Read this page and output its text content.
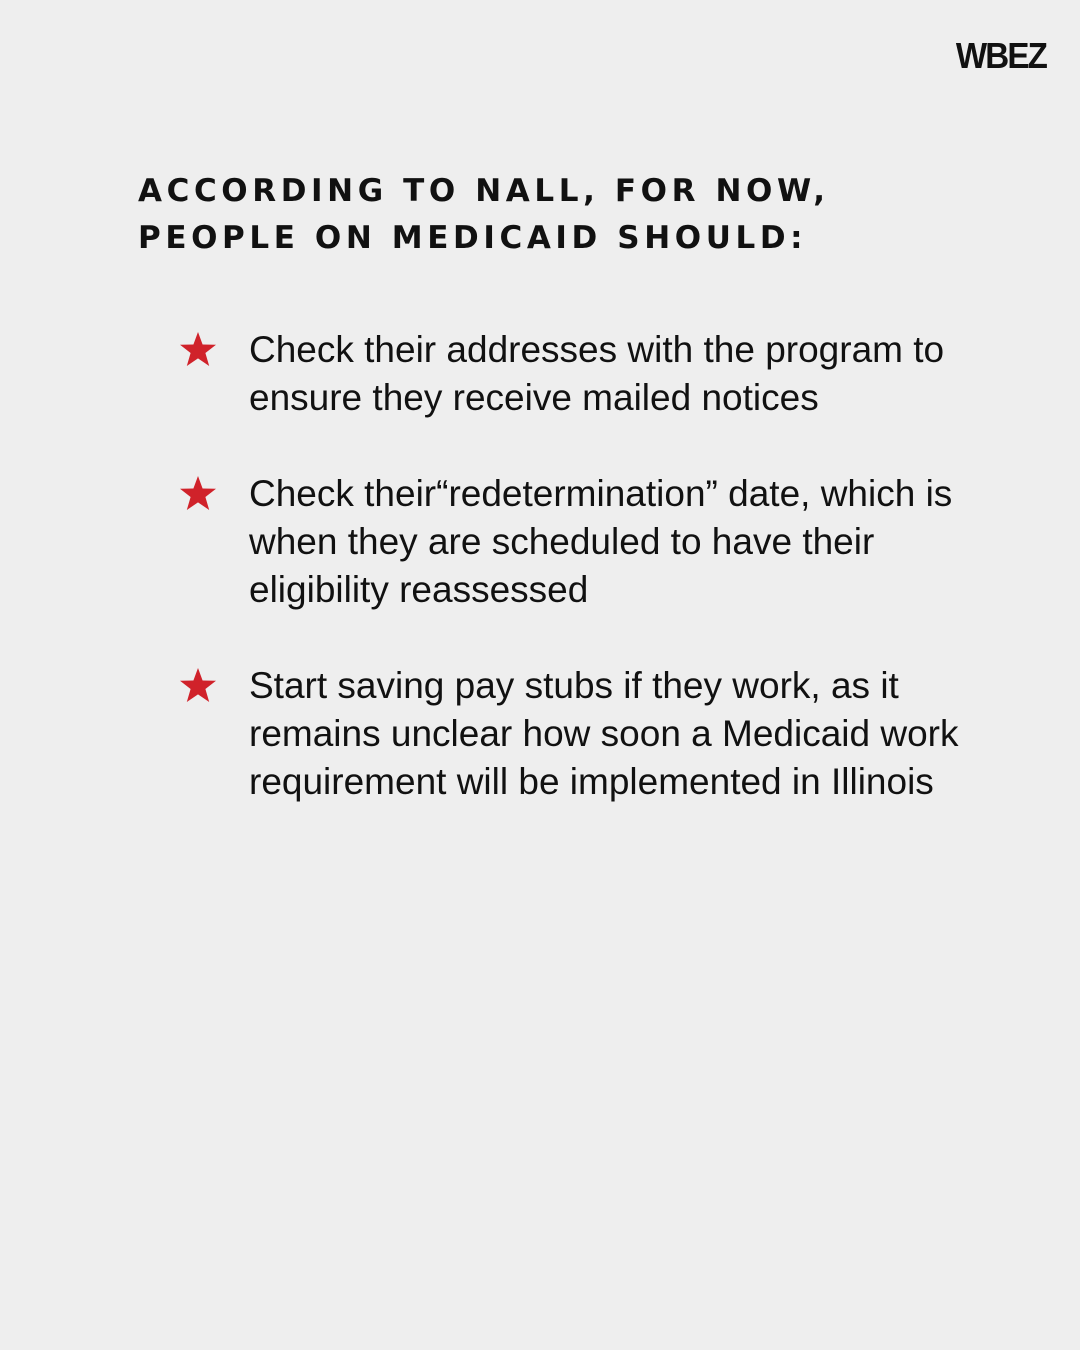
WBEZ
ACCORDING TO NALL, FOR NOW, PEOPLE ON MEDICAID SHOULD:
Check their addresses with the program to ensure they receive mailed notices
Check their“redetermination” date, which is when they are scheduled to have their eligibility reassessed
Start saving pay stubs if they work, as it remains unclear how soon a Medicaid work requirement will be implemented in Illinois
